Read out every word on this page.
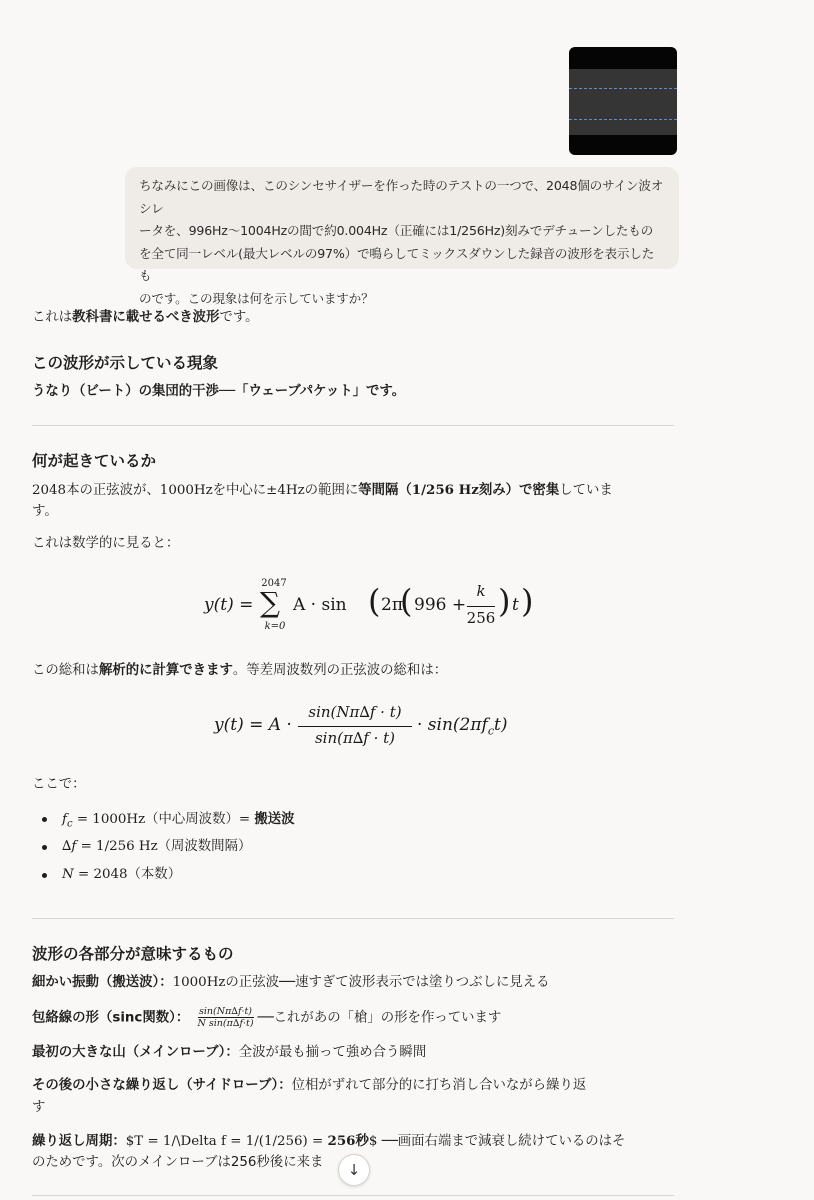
ちなみにこの画像は、このシンセサイザーを作った時のテストの一つで、2048個のサイン波オシレ
ータを、996Hz〜1004Hzの間で約0.004Hz（正確には1/256Hz)刻みでデチューンしたもの
を全て同一レベル(最大レベルの97%）で鳴らしてミックスダウンした録音の波形を表示したも
のです。この現象は何を示していますか？
これは教科書に載せるべき波形です。
この波形が示している現象
うなり（ビート）の集団的干渉──「ウェーブパケット」です。
何が起きているか
2048本の正弦波が、1000Hzを中心に±4Hzの範囲に等間隔（1/256 Hz刻み）で密集していま
す。
これは数学的に見ると：
y(t) =
2047
∑
k=0
A · sin ( 2π
( 996 +
k
256 ) t )
この総和は解析的に計算できます。等差周波数列の正弦波の総和は：
y(t) = A ·
sin(Nπ∆f · t)
sin(π∆f · t)
· $\sin(2\pi f_ct)$
ここで：
$f_c = 1000Hz$（中心周波数）= 搬送波
∆f = 1/256 Hz（周波数間隔）
N = 2048（本数）
波形の各部分が意味するもの
細かい振動（搬送波）：1000Hzの正弦波──速すぎて波形表示では塗りつぶしに見える
包絡線の形（sinc関数）： $\frac{\sin(N\pi\Delta f\cdot t)}{\text{N sin(π∆f·t)}}$ ──これがあの「槍」の形を作っています
最初の大きな山（メインローブ）：全波が最も揃って強め合う瞬間
その後の小さな繰り返し（サイドローブ）：位相がずれて部分的に打ち消し合いながら繰り返
す
繰り返し周期：$T = 1/\Delta f = 1/(1/256) = 256秒$ ──画面右端まで減衰し続けているのはそ
のためです。次のメインローブは256秒後に来ま	↓
